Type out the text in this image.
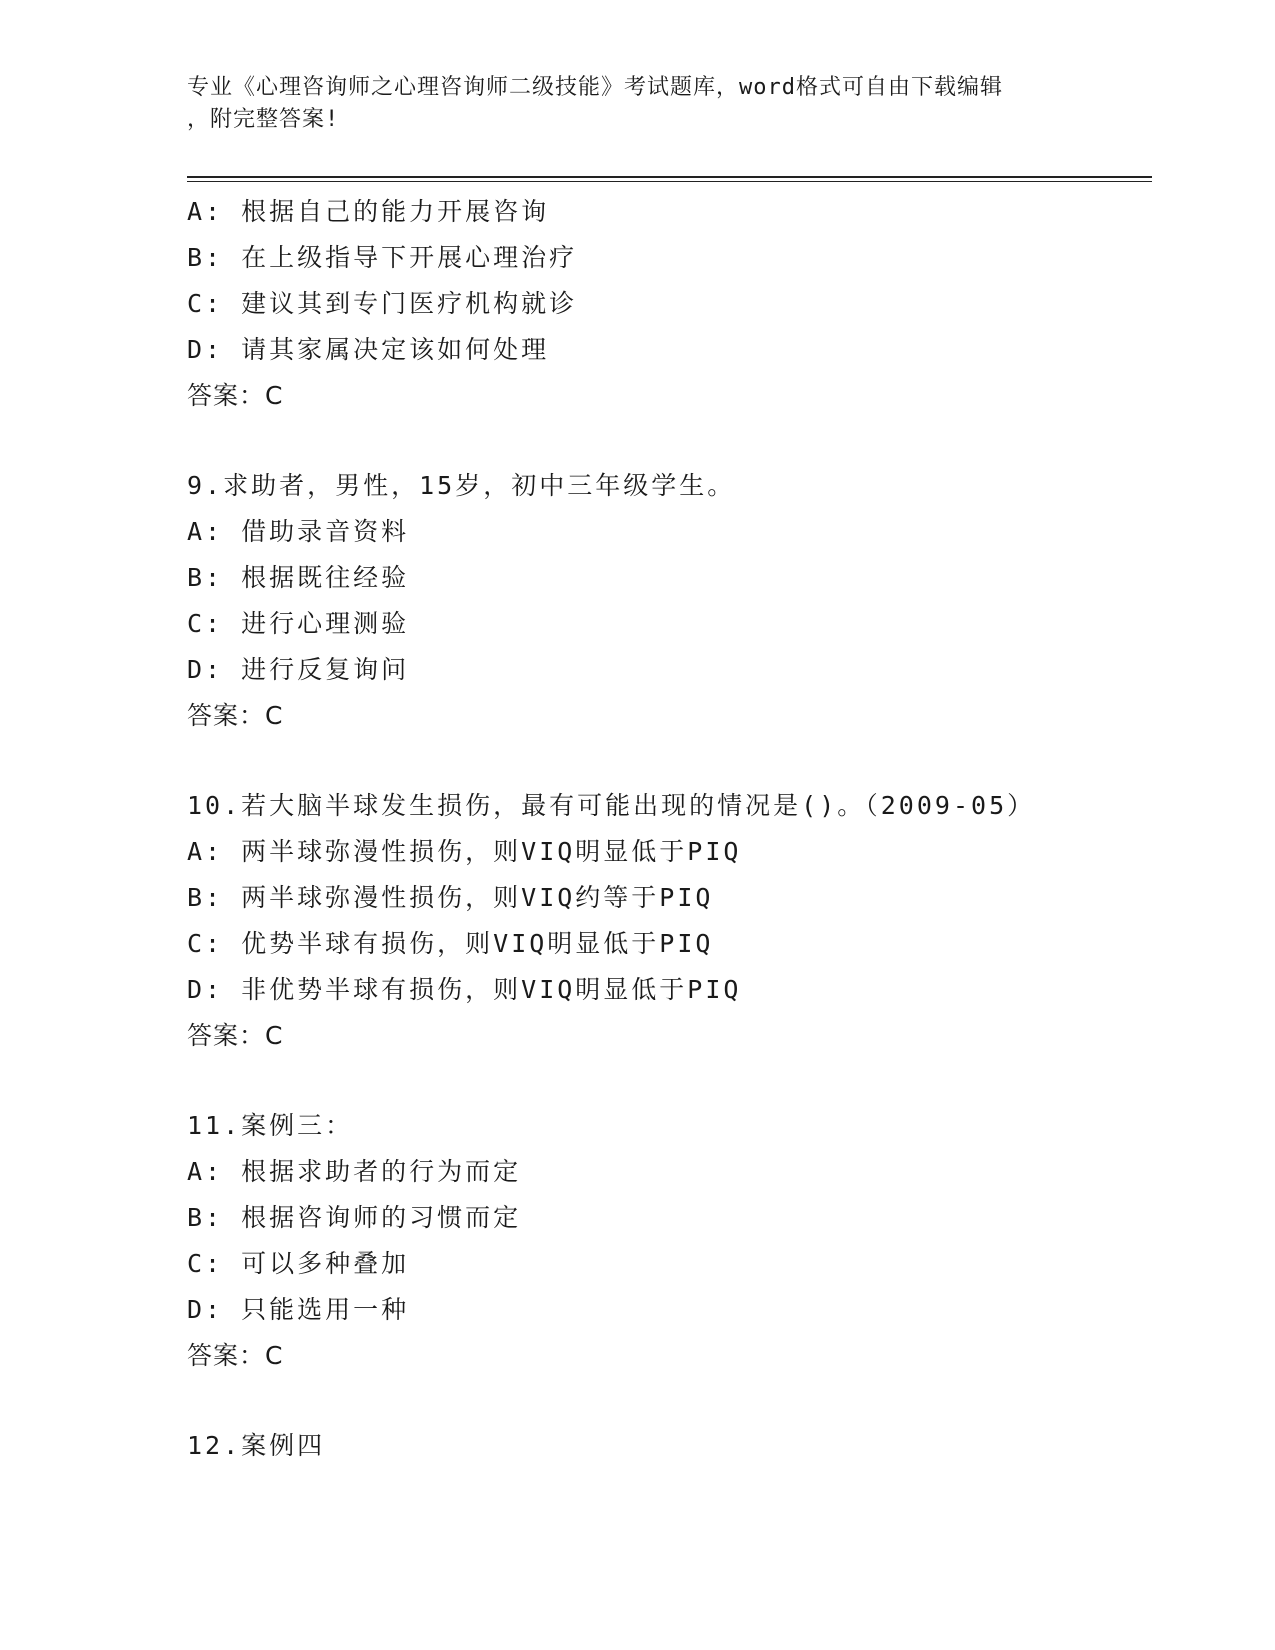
专业《心理咨询师之心理咨询师二级技能》考试题库，word格式可自由下载编辑

，附完整答案!

A: 根据自己的能力开展咨询
B: 在上级指导下开展心理治疗
C: 建议其到专门医疗机构就诊
D: 请其家属决定该如何处理
答案：C
9.求助者，男性，15岁，初中三年级学生。
A: 借助录音资料
B: 根据既往经验
C: 进行心理测验
D: 进行反复询问
答案：C
10.若大脑半球发生损伤，最有可能出现的情况是()。（2009-05）
A: 两半球弥漫性损伤，则VIQ明显低于PIQ
B: 两半球弥漫性损伤，则VIQ约等于PIQ
C: 优势半球有损伤，则VIQ明显低于PIQ
D: 非优势半球有损伤，则VIQ明显低于PIQ
答案：C
11.案例三：
A: 根据求助者的行为而定
B: 根据咨询师的习惯而定
C: 可以多种叠加
D: 只能选用一种
答案：C
12.案例四
